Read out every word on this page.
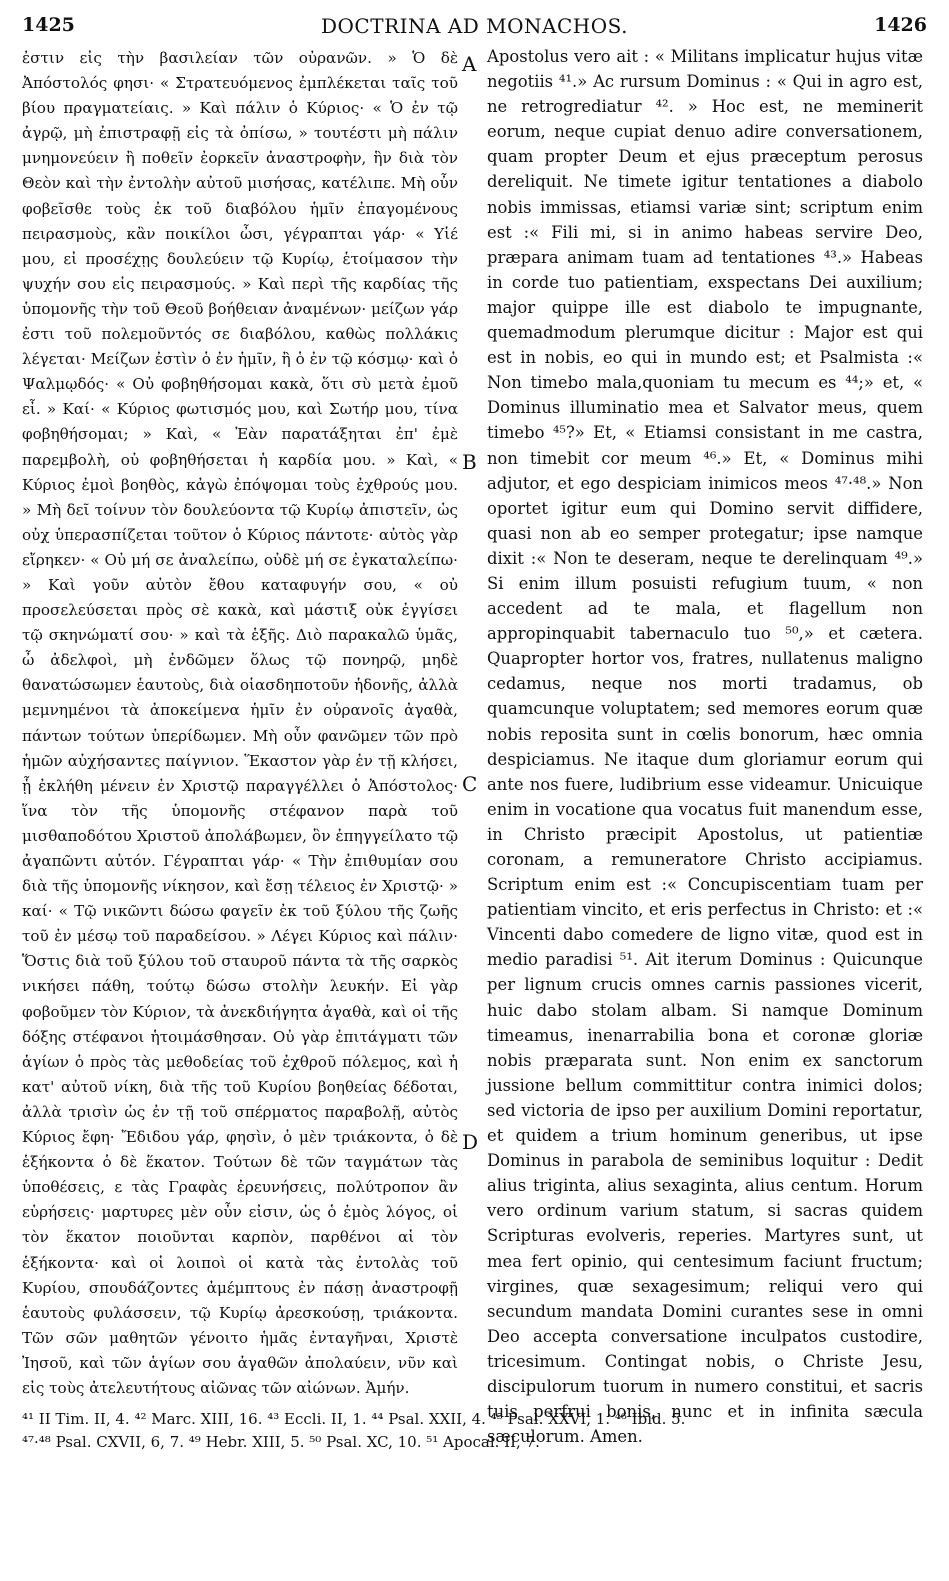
1425	DOCTRINA AD MONACHOS.	1426
ἐστιν εἰς τὴν βασιλείαν τῶν οὐρανῶν. » Ὁ δὲ Ἀπόστολός φησι· « Στρατευόμενος ἐμπλέκεται ταῖς τοῦ βίου πραγματείαις. » Καὶ πάλιν ὁ Κύριος· « Ὁ ἐν τῷ ἀγρῷ, μὴ ἐπιστραφῇ εἰς τὰ ὀπίσω, » τουτέστι μὴ πάλιν μνημονεύειν ἢ ποθεῖν ἐορκεῖν ἀναστροφὴν, ἣν διὰ τὸν Θεὸν καὶ τὴν ἐντολὴν αὐτοῦ μισήσας, κατέλιπε. Μὴ οὖν φοβεῖσθε τοὺς ἐκ τοῦ διαβόλου ἡμῖν ἐπαγομένους πειρασμοὺς, κἂν ποικίλοι ὦσι, γέγραπται γάρ· « Υἱέ μου, εἰ προσέχῃς δουλεύειν τῷ Κυρίῳ, ἑτοίμασον τὴν ψυχήν σου εἰς πειρασμούς. » Καὶ περὶ τῆς καρδίας τῆς ὑπομονῆς τὴν τοῦ Θεοῦ βοήθειαν ἀναμένων· μείζων γάρ ἐστι τοῦ πολεμοῦντός σε διαβόλου, καθὼς πολλάκις λέγεται· Μείζων ἐστὶν ὁ ἐν ἡμῖν, ἢ ὁ ἐν τῷ κόσμῳ· καὶ ὁ Ψαλμῳδός· « Οὐ φοβηθήσομαι κακὰ, ὅτι σὺ μετὰ ἐμοῦ εἶ. » Καί· « Κύριος φωτισμός μου, καὶ Σωτήρ μου, τίνα φοβηθήσομαι; » Καὶ, « Ἐὰν παρατάξηται ἐπ' ἐμὲ παρεμβολὴ, οὐ φοβηθήσεται ἡ καρδία μου. » Καὶ, « Κύριος ἐμοὶ βοηθὸς, κἀγὼ ἐπόψομαι τοὺς ἐχθρούς μου. » Μὴ δεῖ τοίνυν τὸν δουλεύοντα τῷ Κυρίῳ ἀπιστεῖν, ὡς οὐχ ὑπερασπίζεται τοῦτον ὁ Κύριος πάντοτε· αὐτὸς γὰρ εἴρηκεν· « Οὐ μή σε ἀναλείπω, οὐδὲ μή σε ἐγκαταλείπω· » Καὶ γοῦν αὐτὸν ἔθου καταφυγήν σου, « οὐ προσελεύσεται πρὸς σὲ κακὰ, καὶ μάστιξ οὐκ ἐγγίσει τῷ σκηνώματί σου· » καὶ τὰ ἑξῆς. Διὸ παρακαλῶ ὑμᾶς, ὦ ἀδελφοὶ, μὴ ἐνδῶμεν ὅλως τῷ πονηρῷ, μηδὲ θανατώσωμεν ἑαυτοὺς, διὰ οἱασδηποτοῦν ἡδονῆς, ἀλλὰ μεμνημένοι τὰ ἀποκείμενα ἡμῖν ἐν οὐρανοῖς ἀγαθὰ, πάντων τούτων ὑπερίδωμεν. Μὴ οὖν φανῶμεν τῶν πρὸ ἡμῶν αὐχήσαντες παίγνιον. Ἕκαστον γὰρ ἐν τῇ κλήσει, ᾗ ἐκλήθη μένειν ἐν Χριστῷ παραγγέλλει ὁ Ἀπόστολος· ἵνα τὸν τῆς ὑπομονῆς στέφανον παρὰ τοῦ μισθαποδότου Χριστοῦ ἀπολάβωμεν, ὃν ἐπηγγείλατο τῷ ἀγαπῶντι αὐτόν. Γέγραπται γάρ· « Τὴν ἐπιθυμίαν σου διὰ τῆς ὑπομονῆς νίκησον, καὶ ἔσῃ τέλειος ἐν Χριστῷ· » καί· « Τῷ νικῶντι δώσω φαγεῖν ἐκ τοῦ ξύλου τῆς ζωῆς τοῦ ἐν μέσῳ τοῦ παραδείσου. » Λέγει Κύριος καὶ πάλιν· Ὅστις διὰ τοῦ ξύλου τοῦ σταυροῦ πάντα τὰ τῆς σαρκὸς νικήσει πάθη, τούτῳ δώσω στολὴν λευκήν. Εἰ γὰρ φοβοῦμεν τὸν Κύριον, τὰ ἀνεκδιήγητα ἀγαθὰ, καὶ οἱ τῆς δόξης στέφανοι ἡτοιμάσθησαν. Οὐ γὰρ ἐπιτάγματι τῶν ἁγίων ὁ πρὸς τὰς μεθοδείας τοῦ ἐχθροῦ πόλεμος, καὶ ἡ κατ' αὐτοῦ νίκη, διὰ τῆς τοῦ Κυρίου βοηθείας δέδοται, ἀλλὰ τρισὶν ὡς ἐν τῇ τοῦ σπέρματος παραβολῇ, αὐτὸς Κύριος ἔφη· Ἔδιδου γάρ, φησὶν, ὁ μὲν τριάκοντα, ὁ δὲ ἑξήκοντα ὁ δὲ ἕκατον. Τούτων δὲ τῶν ταγμάτων τὰς ὑποθέσεις, ε τὰς Γραφὰς ἐρευνήσεις, πολύτροπον ἂν εὑρήσεις· μαρτυρες μὲν οὖν εἰσιν, ὡς ὁ ἐμὸς λόγος, οἱ τὸν ἕκατον ποιοῦνται καρπὸν, παρθένοι αἱ τὸν ἑξήκοντα· καὶ οἱ λοιποὶ οἱ κατὰ τὰς ἐντολὰς τοῦ Κυρίου, σπουδάζοντες ἀμέμπτους ἐν πάσῃ ἀναστροφῇ ἑαυτοὺς φυλάσσειν, τῷ Κυρίῳ ἀρεσκούσῃ, τριάκοντα. Τῶν σῶν μαθητῶν γένοιτο ἡμᾶς ἐνταγῆναι, Χριστὲ Ἰησοῦ, καὶ τῶν ἁγίων σου ἀγαθῶν ἀπολαύειν, νῦν καὶ εἰς τοὺς ἀτελευτήτους αἰῶνας τῶν αἰώνων. Ἀμήν.
A
B
C
D
Apostolus vero ait : « Militans implicatur hujus vitæ negotiis ⁴¹.» Ac rursum Dominus : « Qui in agro est, ne retrogrediatur ⁴². » Hoc est, ne meminerit eorum, neque cupiat denuo adire conversationem, quam propter Deum et ejus præceptum perosus dereliquit. Ne timete igitur tentationes a diabolo nobis immissas, etiamsi variæ sint; scriptum enim est :« Fili mi, si in animo habeas servire Deo, præpara animam tuam ad tentationes ⁴³.» Habeas in corde tuo patientiam, exspectans Dei auxilium; major quippe ille est diabolo te impugnante, quemadmodum plerumque dicitur : Major est qui est in nobis, eo qui in mundo est; et Psalmista :« Non timebo mala,quoniam tu mecum es ⁴⁴;» et, « Dominus illuminatio mea et Salvator meus, quem timebo ⁴⁵?» Et, « Etiamsi consistant in me castra, non timebit cor meum ⁴⁶.» Et, « Dominus mihi adjutor, et ego despiciam inimicos meos ⁴⁷·⁴⁸.» Non oportet igitur eum qui Domino servit diffidere, quasi non ab eo semper protegatur; ipse namque dixit :« Non te deseram, neque te derelinquam ⁴⁹.» Si enim illum posuisti refugium tuum, « non accedent ad te mala, et flagellum non appropinquabit tabernaculo tuo ⁵⁰,» et cætera. Quapropter hortor vos, fratres, nullatenus maligno cedamus, neque nos morti tradamus, ob quamcunque voluptatem; sed memores eorum quæ nobis reposita sunt in cœlis bonorum, hæc omnia despiciamus. Ne itaque dum gloriamur eorum qui ante nos fuere, ludibrium esse videamur. Unicuique enim in vocatione qua vocatus fuit manendum esse, in Christo præcipit Apostolus, ut patientiæ coronam, a remuneratore Christo accipiamus. Scriptum enim est :« Concupiscentiam tuam per patientiam vincito, et eris perfectus in Christo: et :« Vincenti dabo comedere de ligno vitæ, quod est in medio paradisi ⁵¹. Ait iterum Dominus : Quicunque per lignum crucis omnes carnis passiones vicerit, huic dabo stolam albam. Si namque Dominum timeamus, inenarrabilia bona et coronæ gloriæ nobis præparata sunt. Non enim ex sanctorum jussione bellum committitur contra inimici dolos; sed victoria de ipso per auxilium Domini reportatur, et quidem a trium hominum generibus, ut ipse Dominus in parabola de seminibus loquitur : Dedit alius triginta, alius sexaginta, alius centum. Horum vero ordinum varium statum, si sacras quidem Scripturas evolveris, reperies. Martyres sunt, ut mea fert opinio, qui centesimum faciunt fructum; virgines, quæ sexagesimum; reliqui vero qui secundum mandata Domini curantes sese in omni Deo accepta conversatione inculpatos custodire, tricesimum. Contingat nobis, o Christe Jesu, discipulorum tuorum in numero constitui, et sacris tuis perfrui bonis, nunc et in infinita sæcula sæculorum. Amen.
⁴¹ II Tim. II, 4. ⁴² Marc. XIII, 16. ⁴³ Eccli. II, 1. ⁴⁴ Psal. XXII, 4. ⁴⁵ Psal. XXVI, 1. ⁴⁶ Ibid. 5.
⁴⁷·⁴⁸ Psal. CXVII, 6, 7. ⁴⁹ Hebr. XIII, 5. ⁵⁰ Psal. XC, 10. ⁵¹ Apocal. II, 7.
